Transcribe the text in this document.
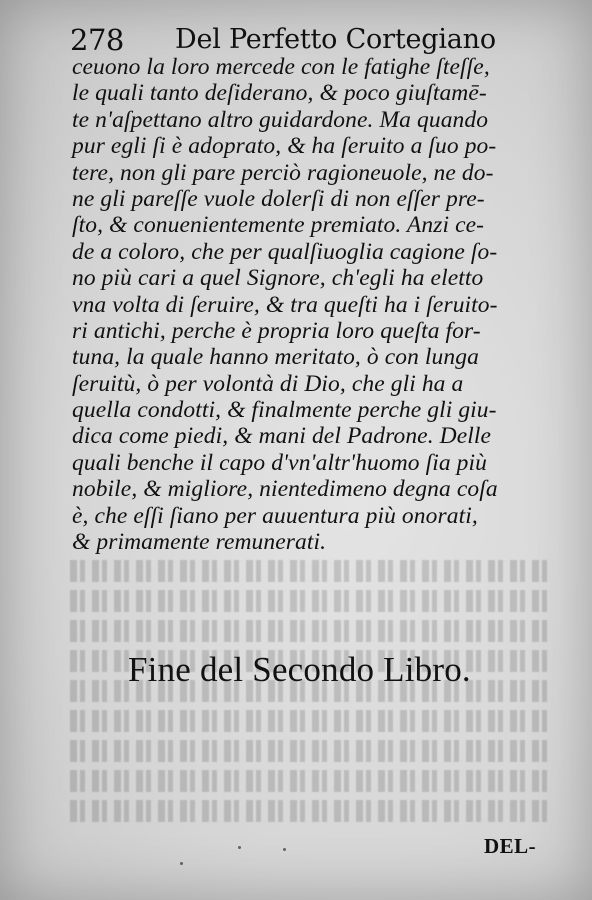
278 Del Perfetto Cortegiano
ceuono la loro mercede con le fatighe ſteſſe,
le quali tanto deſiderano, & poco giuſtamē-
te n'aſpettano altro guidardone. Ma quando
pur egli ſi è adoprato, & ha ſeruito a ſuo po-
tere, non gli pare perciò ragioneuole, ne do-
ne gli pareſſe vuole dolerſi di non eſſer pre-
ſto, & conuenientemente premiato. Anzi ce-
de a coloro, che per qualſiuoglia cagione ſo-
no più cari a quel Signore, ch'egli ha eletto
vna volta di ſeruire, & tra queſti ha i ſeruito-
ri antichi, perche è propria loro queſta for-
tuna, la quale hanno meritato, ò con lunga
ſeruitù, ò per volontà di Dio, che gli ha a
quella condotti, & finalmente perche gli giu-
dica come piedi, & mani del Padrone. Delle
quali benche il capo d'vn'altr'huomo ſia più
nobile, & migliore, nientedimeno degna coſa
è, che eſſi ſiano per auuentura più onorati,
& primamente remunerati.
Fine del Secondo Libro.
DEL-
